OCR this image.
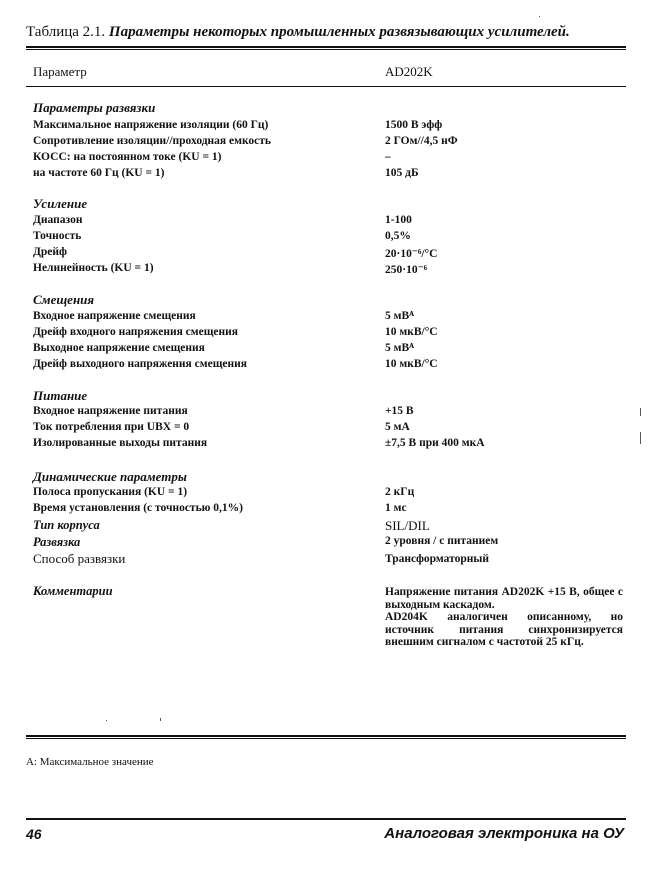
Таблица 2.1. Параметры некоторых промышленных развязывающих усилителей.
Параметр	AD202K
Параметры развязки
Максимальное напряжение изоляции (60 Гц)	1500 В эфф
Сопротивление изоляции//проходная емкость	2 ГОм//4,5 нФ
КОСС: на постоянном токе (KU = 1)	–
на частоте 60 Гц (KU = 1)	105 дБ
Усиление
Диапазон	1-100
Точность	0,5%
Дрейф	20·10⁻⁶/°С
Нелинейность (KU = 1)	250·10⁻⁶
Смещения
Входное напряжение смещения	5 мВᴬ
Дрейф входного напряжения смещения	10 мкВ/°С
Выходное напряжение смещения	5 мВᴬ
Дрейф выходного напряжения смещения	10 мкВ/°С
Питание
Входное напряжение питания	+15 В
Ток потребления при UBX = 0	5 мА
Изолированные выходы питания	±7,5 В при 400 мкА
Динамические параметры
Полоса пропускания (KU = 1)	2 кГц
Время установления (с точностью 0,1%)	1 мс
Тип корпуса	SIL/DIL
Развязка	2 уровня / с питанием
Способ развязки	Трансформаторный
Комментарии	Напряжение питания AD202K +15 В, общее с выходным каскадом.

AD204K аналогичен описанному, но источник питания синхронизируется внешним сигналом с частотой 25 кГц.

А: Максимальное значение
46	Аналоговая электроника на ОУ
